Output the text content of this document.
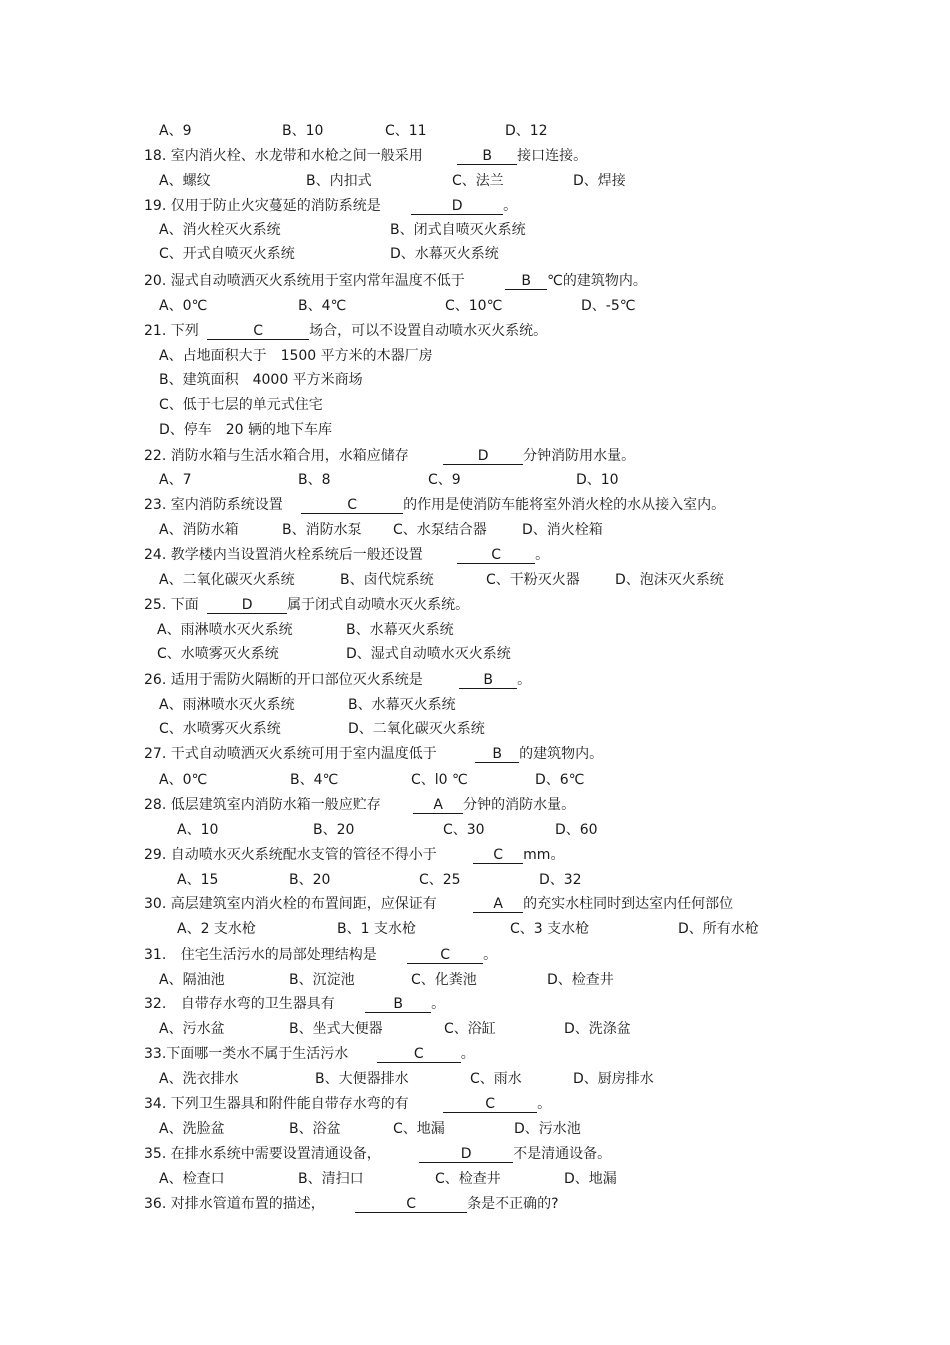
A、9	B、10	C、11	D、12
18. 室内消火栓、水龙带和水枪之间一般采用	B 接口连接。
A、螺纹	B、内扣式	C、法兰	D、焊接
19. 仅用于防止火灾蔓延的消防系统是	D	。
A、消火栓灭火系统	B、闭式自喷灭火系统
C、开式自喷灭火系统	D、水幕灭火系统
20. 湿式自动喷洒灭火系统用于室内常年温度不低于	B ℃的建筑物内。
A、0℃	B、4℃	C、10℃	D、-5℃
21. 下列	C	场合，可以不设置自动喷水灭火系统。
A、占地面积大于　1500 平方米的木器厂房
B、建筑面积　4000 平方米商场
C、低于七层的单元式住宅
D、停车　20 辆的地下车库
22. 消防水箱与生活水箱合用，水箱应储存	D 分钟消防用水量。
A、7	B、8	C、9	D、10
23. 室内消防系统设置	C	的作用是使消防车能将室外消火栓的水从接入室内。
A、消防水箱	B、消防水泵 C、水泵结合器	D、消火栓箱
24. 教学楼内当设置消火栓系统后一般还设置	C 。
A、二氧化碳灭火系统	B、卤代烷系统	C、干粉灭火器	D、泡沫灭火系统
25. 下面	D 属于闭式自动喷水灭火系统。
A、雨淋喷水灭火系统	B、水幕灭火系统
C、水喷雾灭火系统	D、湿式自动喷水灭火系统
26. 适用于需防火隔断的开口部位灭火系统是	B 。
A、雨淋喷水灭火系统	B、水幕灭火系统
C、水喷雾灭火系统	D、二氧化碳灭火系统
27. 干式自动喷洒灭火系统可用于室内温度低于	B 的建筑物内。
A、0℃	B、4℃	C、l0 ℃	D、6℃
28. 低层建筑室内消防水箱一般应贮存	A 分钟的消防水量。
A、10	B、20	C、30	D、60
29. 自动喷水灭火系统配水支管的管径不得小于	C mm。
A、15	B、20	C、25	D、32
30. 高层建筑室内消火栓的布置间距，应保证有	A 的充实水柱同时到达室内任何部位
A、2 支水枪	B、1 支水枪	C、3 支水枪	D、所有水枪
31. 住宅生活污水的局部处理结构是	C 。
A、隔油池	B、沉淀池	C、化粪池	D、检查井
32. 自带存水弯的卫生器具有	B 。
A、污水盆	B、坐式大便器	C、浴缸	D、洗涤盆
33.下面哪一类水不属于生活污水	C	。
A、洗衣排水	B、大便器排水	C、雨水	D、厨房排水
34. 下列卫生器具和附件能自带存水弯的有	C	。
A、洗脸盆	B、浴盆	C、地漏	D、污水池
35. 在排水系统中需要设置清通设备，	D	不是清通设备。
A、检查口	B、清扫口	C、检查井	D、地漏
36. 对排水管道布置的描述，	C	条是不正确的?
